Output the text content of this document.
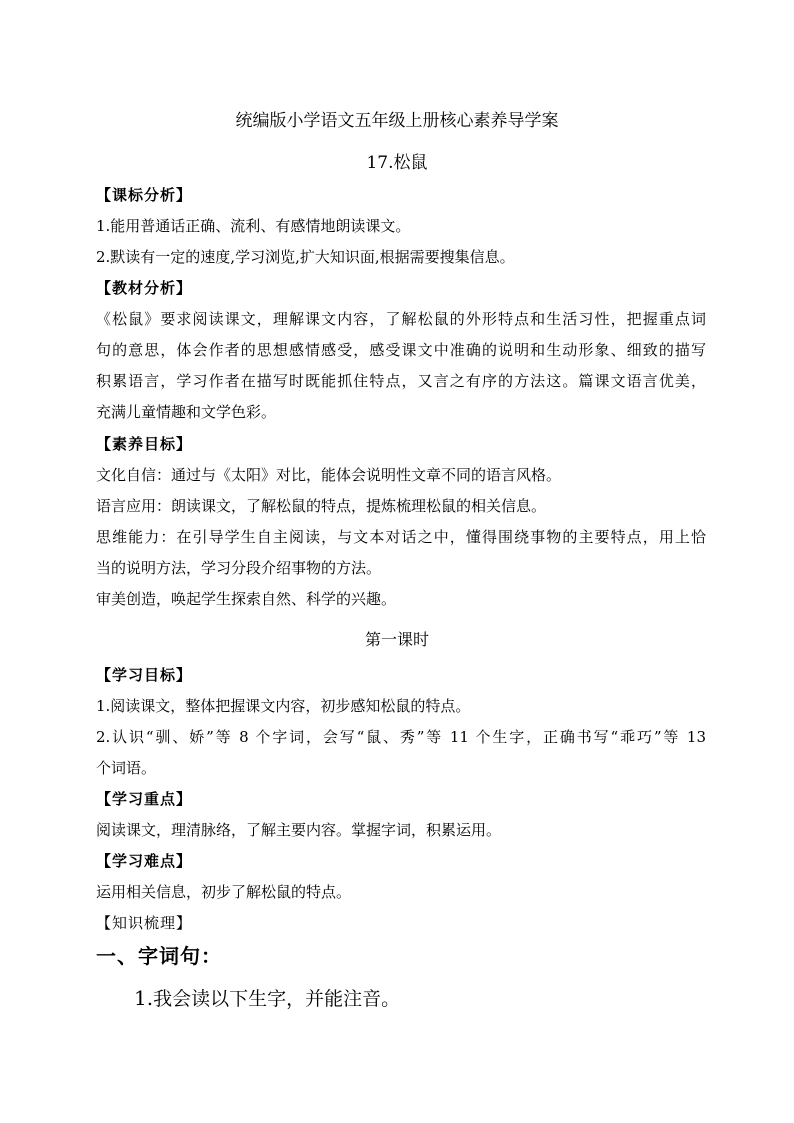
统编版小学语文五年级上册核心素养导学案
17.松鼠
【课标分析】
1.能用普通话正确、流利、有感情地朗读课文。
2.默读有一定的速度,学习浏览,扩大知识面,根据需要搜集信息。
【教材分析】
《松鼠》要求阅读课文，理解课文内容，了解松鼠的外形特点和生活习性，把握重点词
句的意思，体会作者的思想感情感受，感受课文中准确的说明和生动形象、细致的描写
积累语言，学习作者在描写时既能抓住特点，又言之有序的方法这。篇课文语言优美，
充满儿童情趣和文学色彩。
【素养目标】
文化自信：通过与《太阳》对比，能体会说明性文章不同的语言风格。
语言应用：朗读课文，了解松鼠的特点，提炼梳理松鼠的相关信息。
思维能力：在引导学生自主阅读，与文本对话之中，懂得围绕事物的主要特点，用上恰
当的说明方法，学习分段介绍事物的方法。
审美创造，唤起学生探索自然、科学的兴趣。
第一课时
【学习目标】
1.阅读课文，整体把握课文内容，初步感知松鼠的特点。
2.认识“驯、娇”等 8 个字词，会写“鼠、秀”等 11 个生字，正确书写“乖巧”等 13
个词语。
【学习重点】
阅读课文，理清脉络，了解主要内容。掌握字词，积累运用。
【学习难点】
运用相关信息，初步了解松鼠的特点。
【知识梳理】
一、字词句：
1.我会读以下生字，并能注音。
